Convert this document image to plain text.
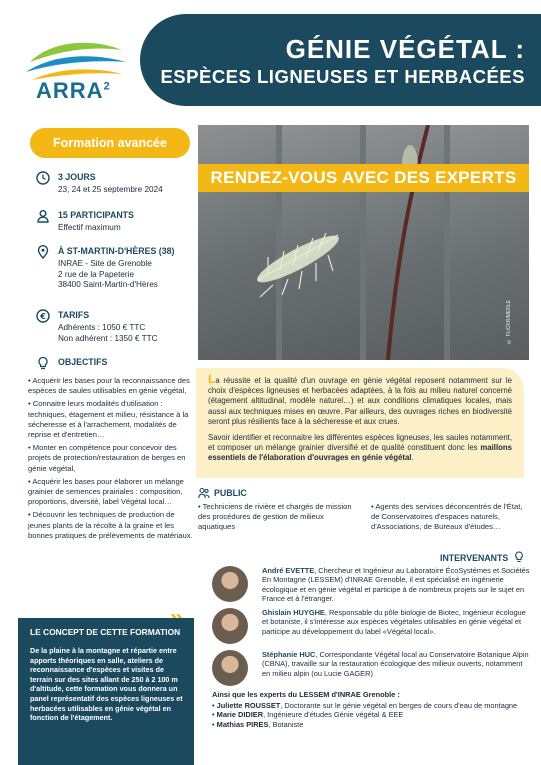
ARRA$^2$
GÉNIE VÉGÉTAL :
ESPÈCES LIGNEUSES ET HERBACÉES
Formation avancée
3 JOURS
23, 24 et 25 septembre 2024
15 PARTICIPANTS
Effectif maximum
À ST-MARTIN-D'HÈRES (38)
INRAE - Site de Grenoble
2 rue de la Papeterie
38400 Saint-Martin-d'Hères
€ TARIFS
Adhérents : 1050 € TTC
Non adhérent : 1350 € TTC
OBJECTIFS
• Acquérir les bases pour la reconnaissance des espèces de saules utilisables en génie végétal,
• Connaitre leurs modalités d'utilisation : techniques, étagement et milieu, résistance à la sécheresse et à l'arrachement, modalités de reprise et d'entretien…
• Monter en compétence pour concevoir des projets de protection/restauration de berges en génie végétal,
• Acquérir les bases pour élaborer un mélange grainier de semences prairiales : composition, proportions, diversité, label Végétal local…
• Découvrir les techniques de production de jeunes plants de la récolte à la graine et les bonnes pratiques de prélèvements de matériaux.
RENDEZ-VOUS AVEC DES EXPERTS
© FLICKR/MERLE

La réussite et la qualité d'un ouvrage en génie végétal reposent notamment sur le choix d'espèces ligneuses et herbacées adaptées, à la fois au milieu naturel concerné (étagement altitudinal, modèle naturel…) et aux conditions climatiques locales, mais aussi aux techniques mises en œuvre. Par ailleurs, des ouvrages riches en biodiversité seront plus résilients face à la sécheresse et aux crues.

Savoir identifier et reconnaitre les différentes espèces ligneuses, les saules notamment, et composer un mélange grainier diversifié et de qualité constituent donc les maillons essentiels de l'élaboration d'ouvrages en génie végétal.

PUBLIC
• Techniciens de rivière et chargés de mission des procédures de gestion de milieux aquatiques
• Agents des services déconcentrés de l'État, de Conservatoires d'espaces naturels, d'Associations, de Bureaux d'études…
INTERVENANTS
André EVETTE, Chercheur et Ingénieur au Laboratoire ÉcoSystèmes et Sociétés En Montagne (LESSEM) d'INRAE Grenoble, il est spécialisé en ingénierie écologique et en génie végétal et participe à de nombreux projets sur le sujet en France et à l'étranger.
Ghislain HUYGHE, Responsable du pôle biologie de Biotec, Ingénieur écologue et botaniste, il s'intéresse aux espèces végétales utilisables en génie végétal et participe au développement du label «Végétal local».
Stéphanie HUC, Correspondante Végétal local au Conservatoire Botanique Alpin (CBNA), travaille sur la restauration écologique des milieux ouverts, notamment en milieu alpin (ou Lucie GAGER)
Ainsi que les experts du LESSEM d'INRAE Grenoble :
• Juliette ROUSSET, Doctorante sur le génie végétal en berges de cours d'eau de montagne
• Marie DIDIER, Ingénieure d'études Génie végétal & EEE
• Mathias PIRES, Botaniste
LE CONCEPT DE CETTE FORMATION
De la plaine à la montagne et répartie entre apports théoriques en salle, ateliers de reconnaissance d'espèces et visites de terrain sur des sites allant de 250 à 2 100 m d'altitude, cette formation vous donnera un panel représentatif des espèces ligneuses et herbacées utilisables en génie végétal en fonction de l'étagement.
